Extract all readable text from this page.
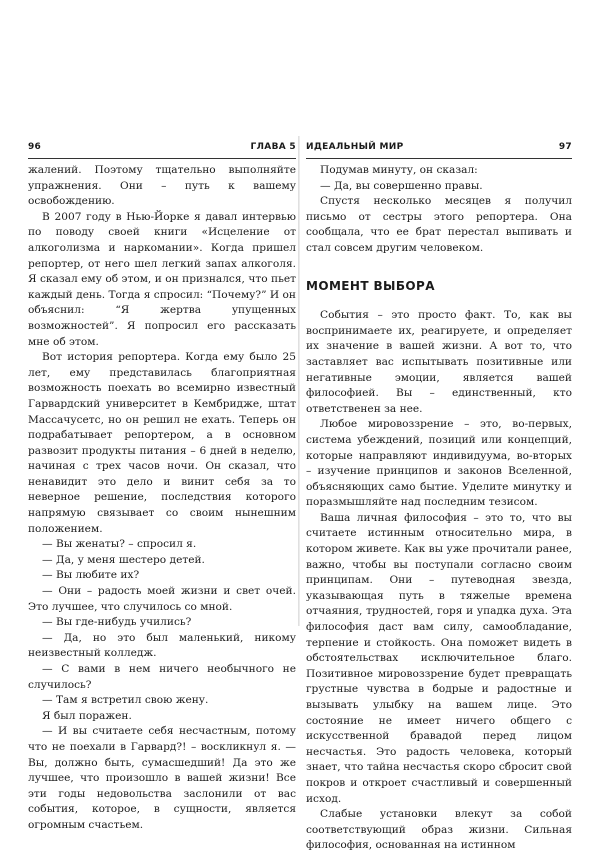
96	ГЛАВА 5

жалений. Поэтому тщательно выполняйте упражнения. Они – путь к вашему освобождению.

В 2007 году в Нью-Йорке я давал интервью по поводу своей книги «Исцеление от алкоголизма и наркомании». Когда пришел репортер, от него шел легкий запах алкоголя. Я сказал ему об этом, и он признался, что пьет каждый день. Тогда я спросил: “Почему?” И он объяснил: “Я жертва упущенных возможностей”. Я попросил его рассказать мне об этом.

Вот история репортера. Когда ему было 25 лет, ему представилась благоприятная возможность поехать во всемирно известный Гарвардский университет в Кембридже, штат Массачусетс, но он решил не ехать. Теперь он подрабатывает репортером, а в основном развозит продукты питания – 6 дней в неделю, начиная с трех часов ночи. Он сказал, что ненавидит это дело и винит себя за то неверное решение, последствия которого напрямую связывает со своим нынешним положением.

— Вы женаты? – спросил я.

— Да, у меня шестеро детей.

— Вы любите их?

— Они – радость моей жизни и свет очей. Это лучшее, что случилось со мной.

— Вы где-нибудь учились?

— Да, но это был маленький, никому неизвестный колледж.

— С вами в нем ничего необычного не случилось?

— Там я встретил свою жену.

Я был поражен.

— И вы считаете себя несчастным, потому что не поехали в Гарвард?! – воскликнул я. — Вы, должно быть, сумасшедший! Да это же лучшее, что произошло в вашей жизни! Все эти годы недовольства заслонили от вас события, которое, в сущности, является огромным счастьем.

ИДЕАЛЬНЫЙ МИР	97

Подумав минуту, он сказал:

— Да, вы совершенно правы.

Спустя несколько месяцев я получил письмо от сестры этого репортера. Она сообщала, что ее брат перестал выпивать и стал совсем другим человеком.

МОМЕНТ ВЫБОРА

События – это просто факт. То, как вы воспринимаете их, реагируете, и определяет их значение в вашей жизни. А вот то, что заставляет вас испытывать позитивные или негативные эмоции, является вашей философией. Вы – единственный, кто ответственен за нее.

Любое мировоззрение – это, во-первых, система убеждений, позиций или концепций, которые направляют индивидуума, во-вторых – изучение принципов и законов Вселенной, объясняющих само бытие. Уделите минутку и поразмышляйте над последним тезисом.

Ваша личная философия – это то, что вы считаете истинным относительно мира, в котором живете. Как вы уже прочитали ранее, важно, чтобы вы поступали согласно своим принципам. Они – путеводная звезда, указывающая путь в тяжелые времена отчаяния, трудностей, горя и упадка духа. Эта философия даст вам силу, самообладание, терпение и стойкость. Она поможет видеть в обстоятельствах исключительное благо. Позитивное мировоззрение будет превращать грустные чувства в бодрые и радостные и вызывать улыбку на вашем лице. Это состояние не имеет ничего общего с искусственной бравадой перед лицом несчастья. Это радость человека, который знает, что тайна несчастья скоро сбросит свой покров и откроет счастливый и совершенный исход.

Слабые установки влекут за собой соответствующий образ жизни. Сильная философия, основанная на истинном
